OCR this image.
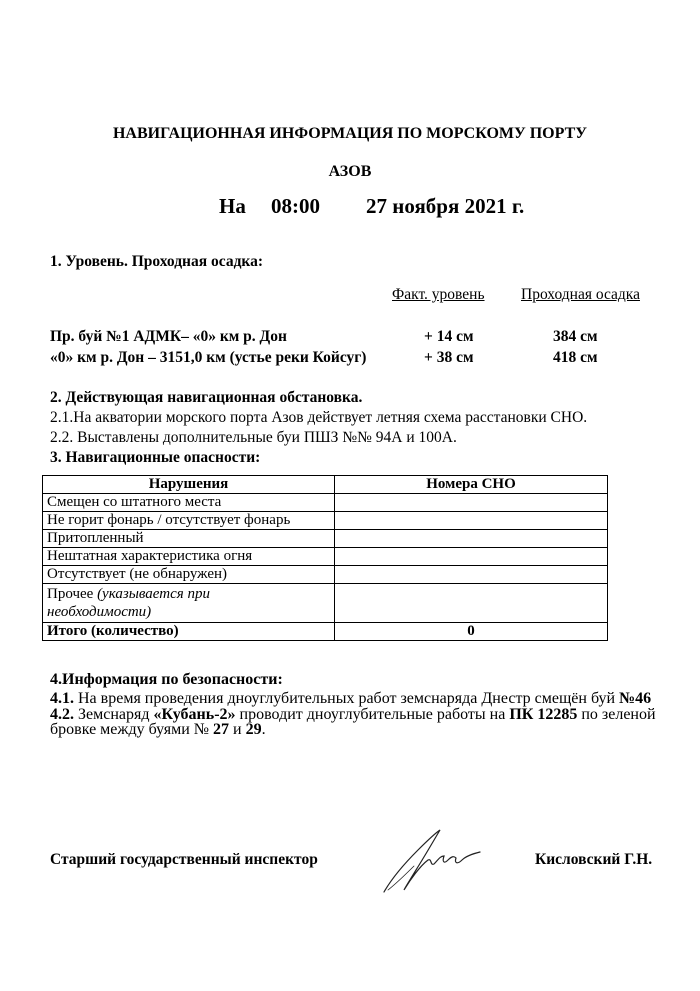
НАВИГАЦИОННАЯ ИНФОРМАЦИЯ ПО МОРСКОМУ ПОРТУ
АЗОВ
На 08:00 27 ноября 2021 г.
1. Уровень. Проходная осадка:
Факт. уровень Проходная осадка
Пр. буй №1 АДМК– «0» км р. Дон	+ 14 см	384 см
«0» км р. Дон – 3151,0 км (устье реки Койсуг)	+ 38 см	418 см
2. Действующая навигационная обстановка.
2.1.На акватории морского порта Азов действует летняя схема расстановки СНО.
2.2. Выставлены дополнительные буи ПШЗ №№ 94А и 100А.
3. Навигационные опасности:
Нарушения	Номера СНО
Смещен со штатного места	
Не горит фонарь / отсутствует фонарь	
Притопленный	
Нештатная характеристика огня	
Отсутствует (не обнаружен)	
Прочее (указывается при
необходимости)	
Итого (количество)	0
4.Информация по безопасности:
4.1. На время проведения дноуглубительных работ земснаряда Днестр смещён буй №46
4.2. Земснаряд «Кубань-2» проводит дноуглубительные работы на ПК 12285 по зеленой
бровке между буями № 27 и 29.
Старший государственный инспектор	Кисловский Г.Н.
